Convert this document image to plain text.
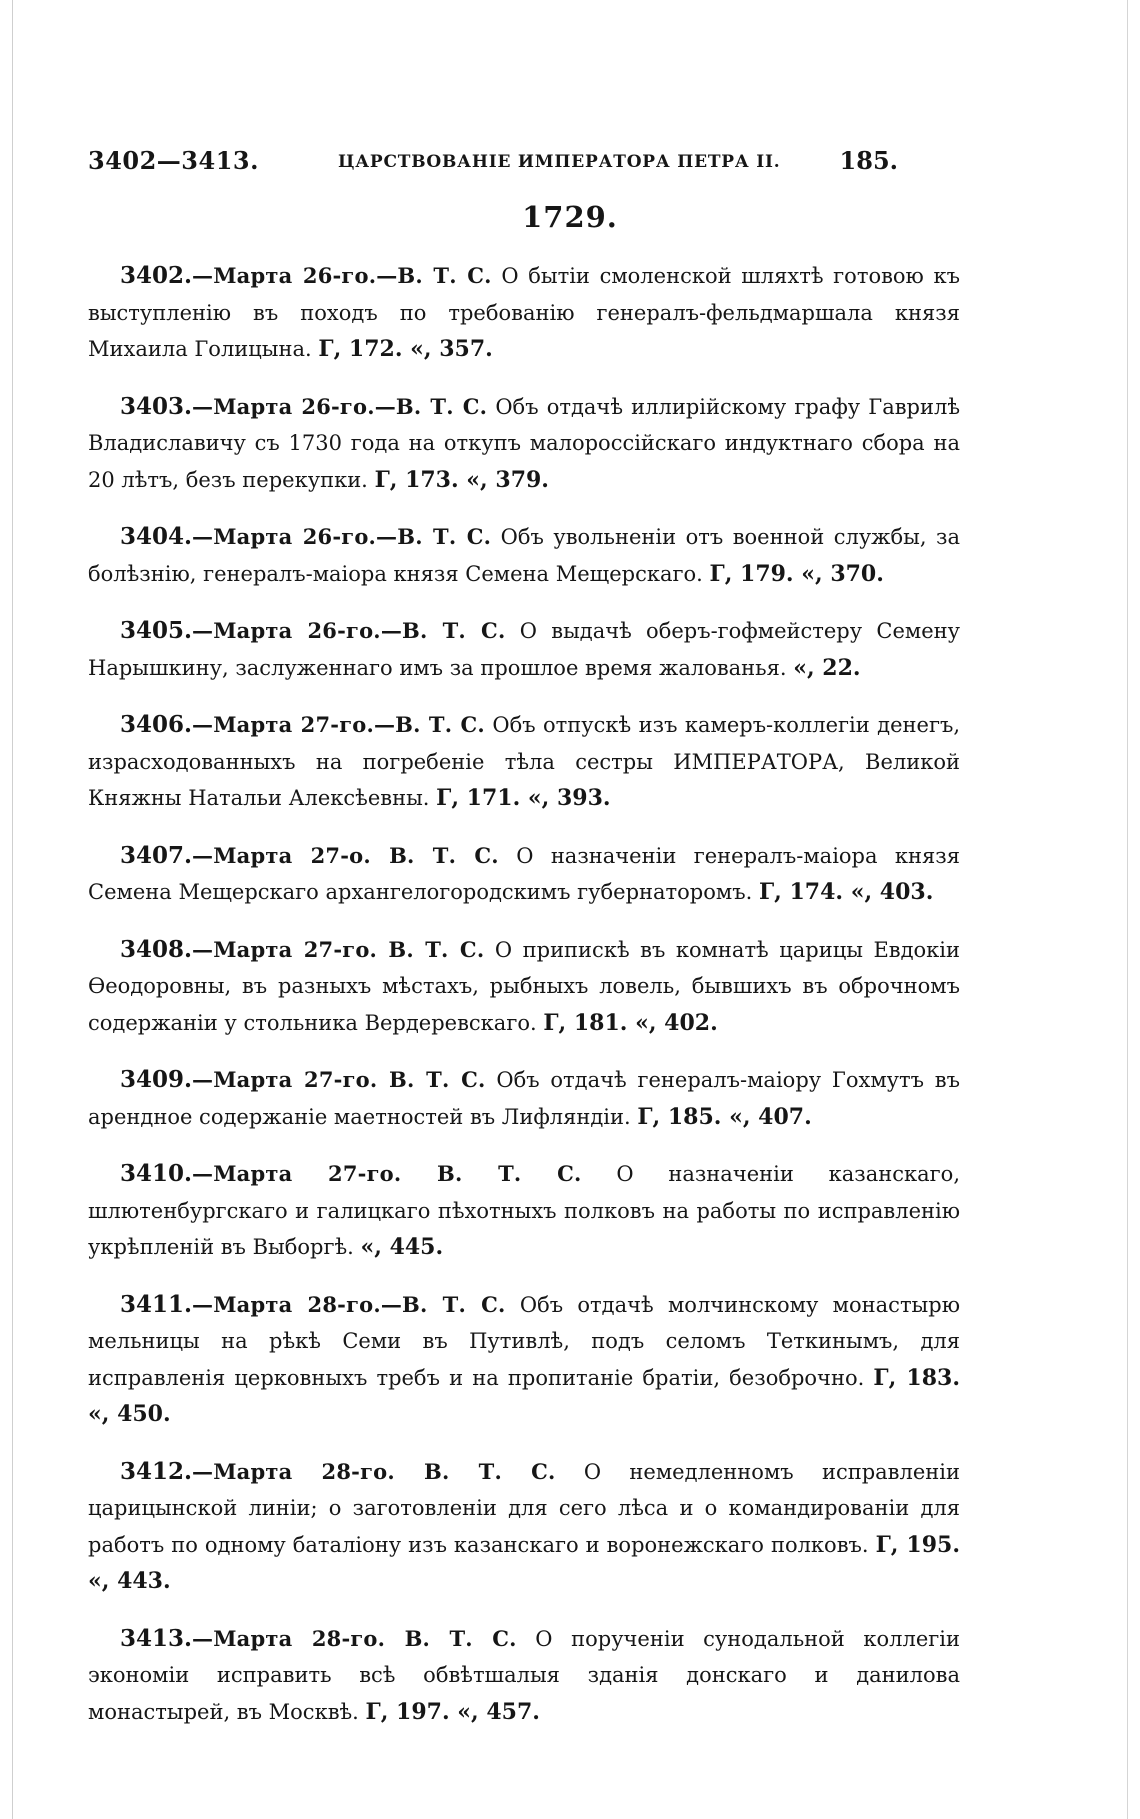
3402—3413.	ЦАРСТВОВАНІЕ ИМПЕРАТОРА ПЕТРА II. 185.
1729.

3402.—Марта 26-го.—В. Т. С. О бытіи смоленской шляхтѣ готовою къ выступленію въ походъ по требованію генералъ-фельдмаршала князя Михаила Голицына. Г, 172. «, 357.

3403.—Марта 26-го.—В. Т. С. Объ отдачѣ иллирійскому графу Гаврилѣ Владиславичу съ 1730 года на откупъ малороссійскаго индуктнаго сбора на 20 лѣтъ, безъ перекупки. Г, 173. «, 379.

3404.—Марта 26-го.—В. Т. С. Объ увольненіи отъ военной службы, за болѣзнію, генералъ-маіора князя Семена Мещерскаго. Г, 179. «, 370.

3405.—Марта 26-го.—В. Т. С. О выдачѣ оберъ-гофмейстеру Семену Нарышкину, заслуженнаго имъ за прошлое время жалованья. «, 22.

3406.—Марта 27-го.—В. Т. С. Объ отпускѣ изъ камеръ-коллегіи денегъ, израсходованныхъ на погребеніе тѣла сестры ИМПЕРАТОРА, Великой Княжны Натальи Алексѣевны. Г, 171. «, 393.

3407.—Марта 27-о. В. Т. С. О назначеніи генералъ-маіора князя Семена Мещерскаго архангелогородскимъ губернаторомъ. Г, 174. «, 403.

3408.—Марта 27-го. В. Т. С. О припискѣ въ комнатѣ царицы Евдокіи Ѳеодоровны, въ разныхъ мѣстахъ, рыбныхъ ловель, бывшихъ въ оброчномъ содержаніи у стольника Вердеревскаго. Г, 181. «, 402.

3409.—Марта 27-го. В. Т. С. Объ отдачѣ генералъ-маіору Гохмутъ въ арендное содержаніе маетностей въ Лифляндіи. Г, 185. «, 407.

3410.—Марта 27-го. В. Т. С. О назначеніи казанскаго, шлютенбургскаго и галицкаго пѣхотныхъ полковъ на работы по исправленію укрѣпленій въ Выборгѣ. «, 445.

3411.—Марта 28-го.—В. Т. С. Объ отдачѣ молчинскому монастырю мельницы на рѣкѣ Семи въ Путивлѣ, подъ селомъ Теткинымъ, для исправленія церковныхъ требъ и на пропитаніе братіи, безоброчно. Г, 183. «, 450.

3412.—Марта 28-го. В. Т. С. О немедленномъ исправленіи царицынской линіи; о заготовленіи для сего лѣса и о командированіи для работъ по одному баталіону изъ казанскаго и воронежскаго полковъ. Г, 195. «, 443.

3413.—Марта 28-го. В. Т. С. О порученіи сунодальной коллегіи экономіи исправить всѣ обвѣтшалыя зданія донскаго и данилова монастырей, въ Москвѣ. Г, 197. «, 457.
